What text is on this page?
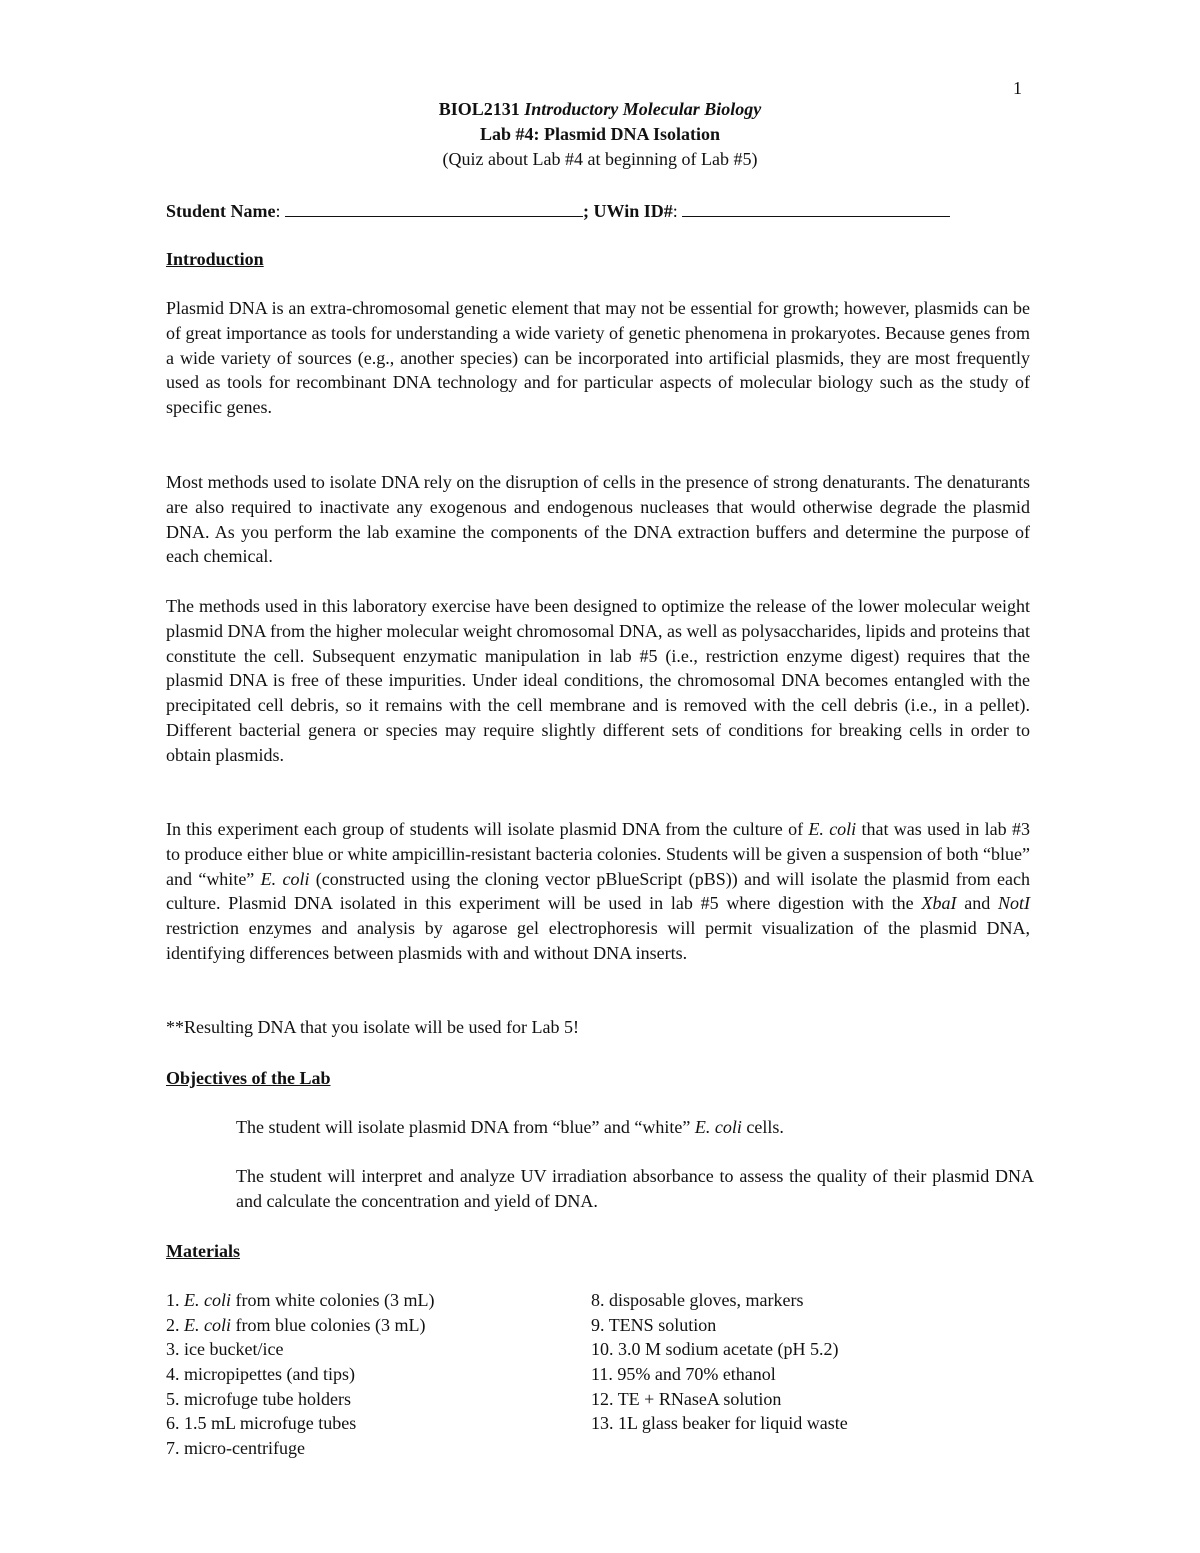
1
BIOL2131 Introductory Molecular Biology
Lab #4: Plasmid DNA Isolation
(Quiz about Lab #4 at beginning of Lab #5)
Student Name:	; UWin ID#:
Introduction

Plasmid DNA is an extra-chromosomal genetic element that may not be essential for growth; however, plasmids can be of great importance as tools for understanding a wide variety of genetic phenomena in prokaryotes. Because genes from a wide variety of sources (e.g., another species) can be incorporated into artificial plasmids, they are most frequently used as tools for recombinant DNA technology and for particular aspects of molecular biology such as the study of specific genes.

Most methods used to isolate DNA rely on the disruption of cells in the presence of strong denaturants. The denaturants are also required to inactivate any exogenous and endogenous nucleases that would otherwise degrade the plasmid DNA. As you perform the lab examine the components of the DNA extraction buffers and determine the purpose of each chemical.

The methods used in this laboratory exercise have been designed to optimize the release of the lower molecular weight plasmid DNA from the higher molecular weight chromosomal DNA, as well as polysaccharides, lipids and proteins that constitute the cell. Subsequent enzymatic manipulation in lab #5 (i.e., restriction enzyme digest) requires that the plasmid DNA is free of these impurities. Under ideal conditions, the chromosomal DNA becomes entangled with the precipitated cell debris, so it remains with the cell membrane and is removed with the cell debris (i.e., in a pellet). Different bacterial genera or species may require slightly different sets of conditions for breaking cells in order to obtain plasmids.

In this experiment each group of students will isolate plasmid DNA from the culture of E. coli that was used in lab #3 to produce either blue or white ampicillin-resistant bacteria colonies. Students will be given a suspension of both “blue” and “white” E. coli (constructed using the cloning vector pBlueScript (pBS)) and will isolate the plasmid from each culture. Plasmid DNA isolated in this experiment will be used in lab #5 where digestion with the XbaI and NotI restriction enzymes and analysis by agarose gel electrophoresis will permit visualization of the plasmid DNA, identifying differences between plasmids with and without DNA inserts.

**Resulting DNA that you isolate will be used for Lab 5!
Objectives of the Lab
The student will isolate plasmid DNA from “blue” and “white” E. coli cells.
The student will interpret and analyze UV irradiation absorbance to assess the quality of their plasmid DNA and calculate the concentration and yield of DNA.
Materials
1. E. coli from white colonies (3 mL)
2. E. coli from blue colonies (3 mL)
3. ice bucket/ice
4. micropipettes (and tips)
5. microfuge tube holders
6. 1.5 mL microfuge tubes
7. micro-centrifuge
8. disposable gloves, markers
9. TENS solution
10. 3.0 M sodium acetate (pH 5.2)
11. 95% and 70% ethanol
12. TE + RNaseA solution
13. 1L glass beaker for liquid waste
